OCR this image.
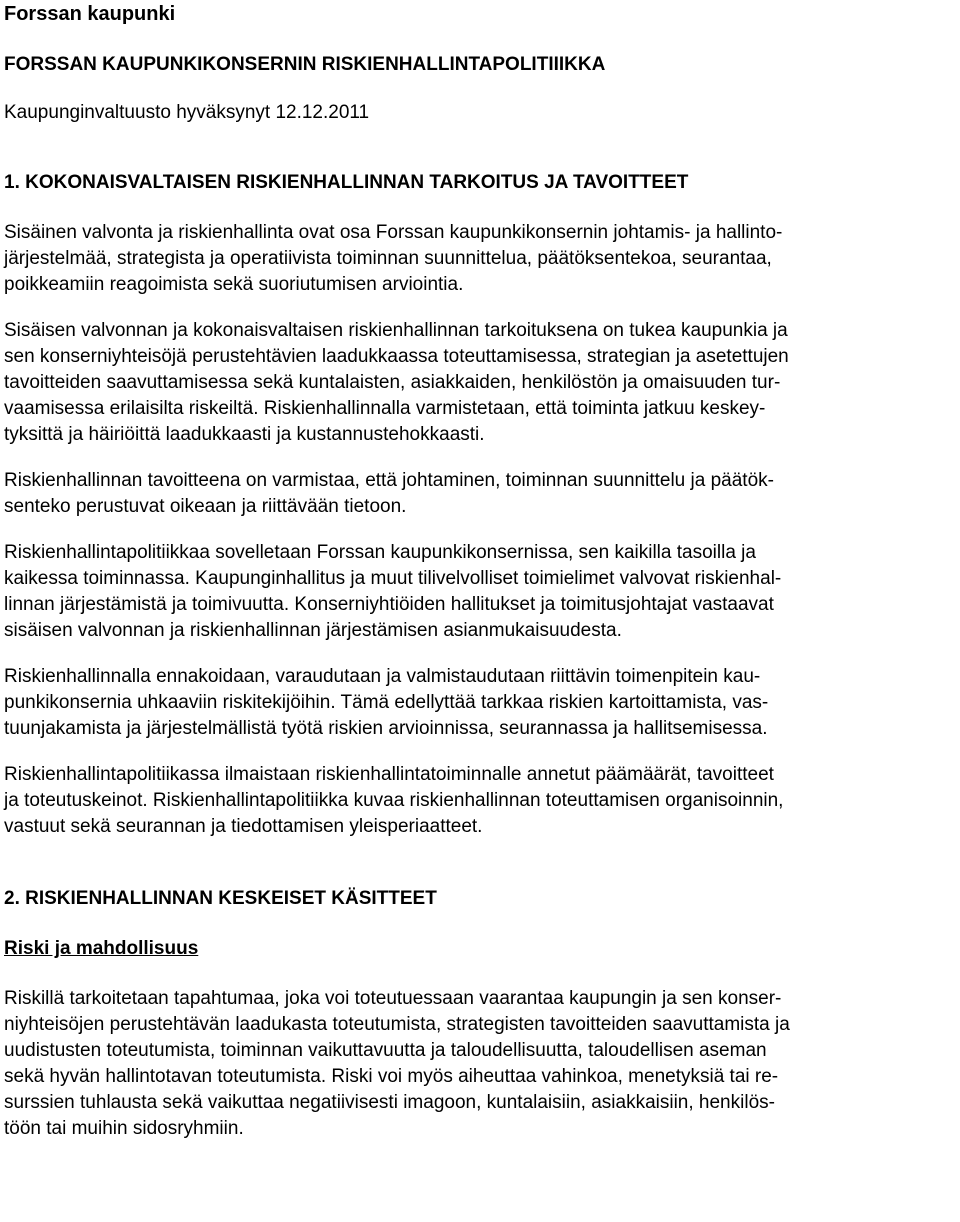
Forssan kaupunki

FORSSAN KAUPUNKIKONSERNIN RISKIENHALLINTAPOLITIIIKKA

Kaupunginvaltuusto hyväksynyt 12.12.2011

1. KOKONAISVALTAISEN RISKIENHALLINNAN TARKOITUS JA TAVOITTEET

Sisäinen valvonta ja riskienhallinta ovat osa Forssan kaupunkikonsernin johtamis- ja hallinto-
järjestelmää, strategista ja operatiivista toiminnan suunnittelua, päätöksentekoa, seurantaa,
poikkeamiin reagoimista sekä suoriutumisen arviointia.

Sisäisen valvonnan ja kokonaisvaltaisen riskienhallinnan tarkoituksena on tukea kaupunkia ja
sen konserniyhteisöjä perustehtävien laadukkaassa toteuttamisessa, strategian ja asetettujen
tavoitteiden saavuttamisessa sekä kuntalaisten, asiakkaiden, henkilöstön ja omaisuuden tur-
vaamisessa erilaisilta riskeiltä. Riskienhallinnalla varmistetaan, että toiminta jatkuu keskey-
tyksittä ja häiriöittä laadukkaasti ja kustannustehokkaasti.

Riskienhallinnan tavoitteena on varmistaa, että johtaminen, toiminnan suunnittelu ja päätök-
senteko perustuvat oikeaan ja riittävään tietoon.

Riskienhallintapolitiikkaa sovelletaan Forssan kaupunkikonsernissa, sen kaikilla tasoilla ja
kaikessa toiminnassa. Kaupunginhallitus ja muut tilivelvolliset toimielimet valvovat riskienhal-
linnan järjestämistä ja toimivuutta. Konserniyhtiöiden hallitukset ja toimitusjohtajat vastaavat
sisäisen valvonnan ja riskienhallinnan järjestämisen asianmukaisuudesta.

Riskienhallinnalla ennakoidaan, varaudutaan ja valmistaudutaan riittävin toimenpitein kau-
punkikonsernia uhkaaviin riskitekijöihin. Tämä edellyttää tarkkaa riskien kartoittamista, vas-
tuunjakamista ja järjestelmällistä työtä riskien arvioinnissa, seurannassa ja hallitsemisessa.

Riskienhallintapolitiikassa ilmaistaan riskienhallintatoiminnalle annetut päämäärät, tavoitteet
ja toteutuskeinot. Riskienhallintapolitiikka kuvaa riskienhallinnan toteuttamisen organisoinnin,
vastuut sekä seurannan ja tiedottamisen yleisperiaatteet.

2. RISKIENHALLINNAN KESKEISET KÄSITTEET
Riski ja mahdollisuus

Riskillä tarkoitetaan tapahtumaa, joka voi toteutuessaan vaarantaa kaupungin ja sen konser-
niyhteisöjen perustehtävän laadukasta toteutumista, strategisten tavoitteiden saavuttamista ja
uudistusten toteutumista, toiminnan vaikuttavuutta ja taloudellisuutta, taloudellisen aseman
sekä hyvän hallintotavan toteutumista. Riski voi myös aiheuttaa vahinkoa, menetyksiä tai re-
surssien tuhlausta sekä vaikuttaa negatiivisesti imagoon, kuntalaisiin, asiakkaisiin, henkilös-
töön tai muihin sidosryhmiin.
